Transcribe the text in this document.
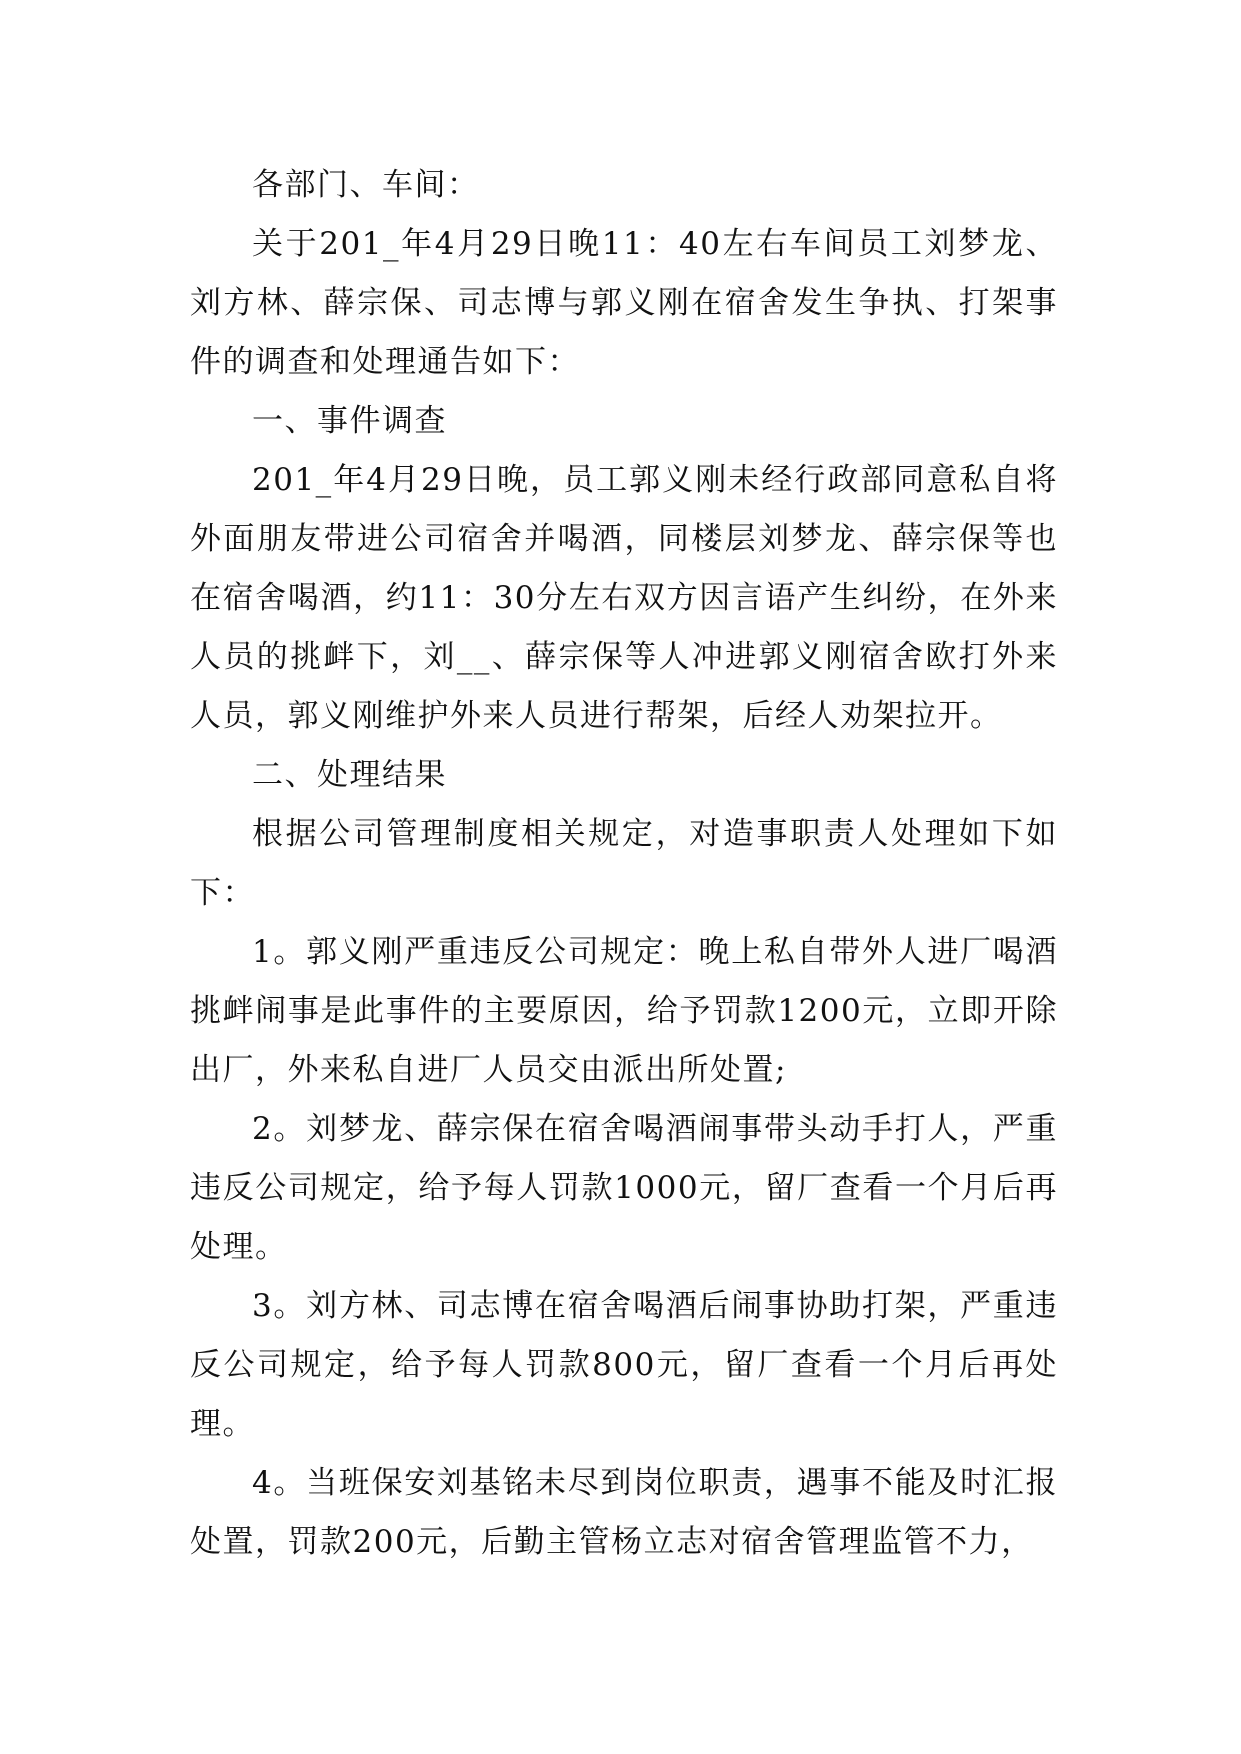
各部门、车间：

关于201_年4月29日晚11：40左右车间员工刘梦龙、刘方林、薛宗保、司志博与郭义刚在宿舍发生争执、打架事件的调查和处理通告如下：

一、事件调查

201_年4月29日晚，员工郭义刚未经行政部同意私自将外面朋友带进公司宿舍并喝酒，同楼层刘梦龙、薛宗保等也在宿舍喝酒，约11：30分左右双方因言语产生纠纷，在外来人员的挑衅下，刘__、薛宗保等人冲进郭义刚宿舍欧打外来人员，郭义刚维护外来人员进行帮架，后经人劝架拉开。

二、处理结果

根据公司管理制度相关规定，对造事职责人处理如下如下：

1。郭义刚严重违反公司规定：晚上私自带外人进厂喝酒挑衅闹事是此事件的主要原因，给予罚款1200元，立即开除出厂，外来私自进厂人员交由派出所处置;

2。刘梦龙、薛宗保在宿舍喝酒闹事带头动手打人，严重违反公司规定，给予每人罚款1000元，留厂查看一个月后再处理。

3。刘方林、司志博在宿舍喝酒后闹事协助打架，严重违反公司规定，给予每人罚款800元，留厂查看一个月后再处理。

4。当班保安刘基铭未尽到岗位职责，遇事不能及时汇报处置，罚款200元，后勤主管杨立志对宿舍管理监管不力，
